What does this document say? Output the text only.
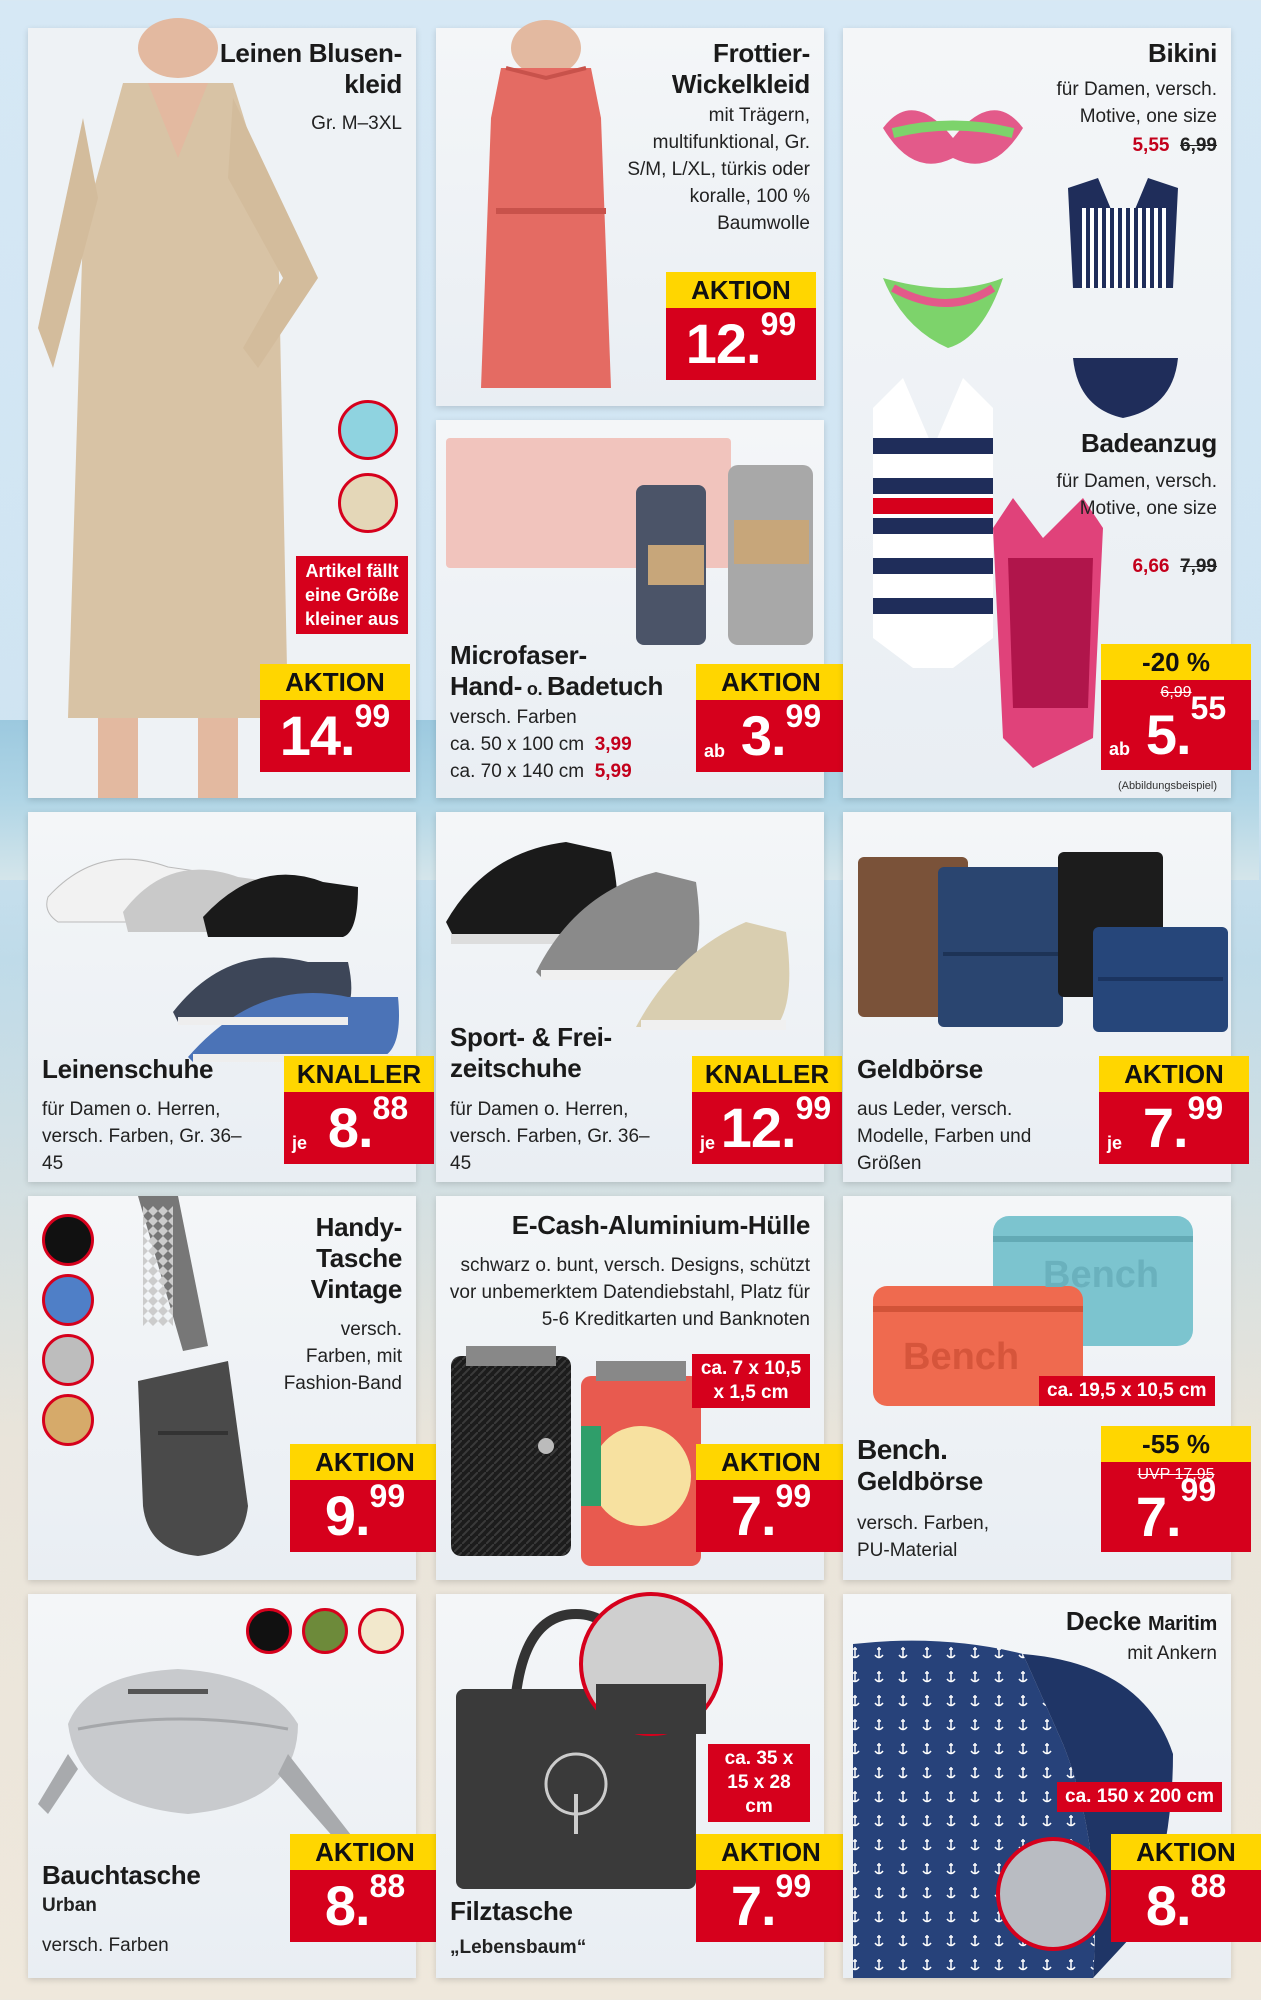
Leinen Blusen-kleid
Gr. M–3XL
Artikel fällt eine Größe kleiner aus
AKTION
14.99
Frottier-Wickelkleid
mit Trägern, multifunktional, Gr. S/M, L/XL, türkis oder koralle, 100 % Baumwolle
AKTION
12.99
Microfaser-
Hand- o. Badetuch
versch. Farben
ca. 50 x 100 cm 3,99
ca. 70 x 140 cm 5,99
AKTION
ab 3.99
Bikini
für Damen, versch. Motive, one size
5,55 6,99
Badeanzug
für Damen, versch. Motive, one size
6,66 7,99
-20 %
6,99
ab 5.55
(Abbildungsbeispiel)
Leinenschuhe
für Damen o. Herren, versch. Farben, Gr. 36–45
KNALLER
je 8.88
Sport- & Frei-zeitschuhe
für Damen o. Herren, versch. Farben, Gr. 36–45
KNALLER
je 12.99
Geldbörse
aus Leder, versch. Modelle, Farben und Größen
AKTION
je 7.99
Handy-Tasche Vintage
versch. Farben, mit Fashion-Band
AKTION
9.99
E-Cash-Aluminium-Hülle
schwarz o. bunt, versch. Designs, schützt vor unbemerktem Datendiebstahl, Platz für 5-6 Kreditkarten und Banknoten
ca. 7 x 10,5 x 1,5 cm
AKTION
7.99
Bench
Bench
ca. 19,5 x 10,5 cm
Bench.
Geldbörse
versch. Farben, PU-Material
-55 %
UVP 17,95
7.99
Bauchtasche
Urban
versch. Farben
AKTION
8.88
ca. 35 x 15 x 28 cm
Filztasche
„Lebensbaum“
AKTION
7.99
Decke Maritim
mit Ankern
ca. 150 x 200 cm
AKTION
8.88
